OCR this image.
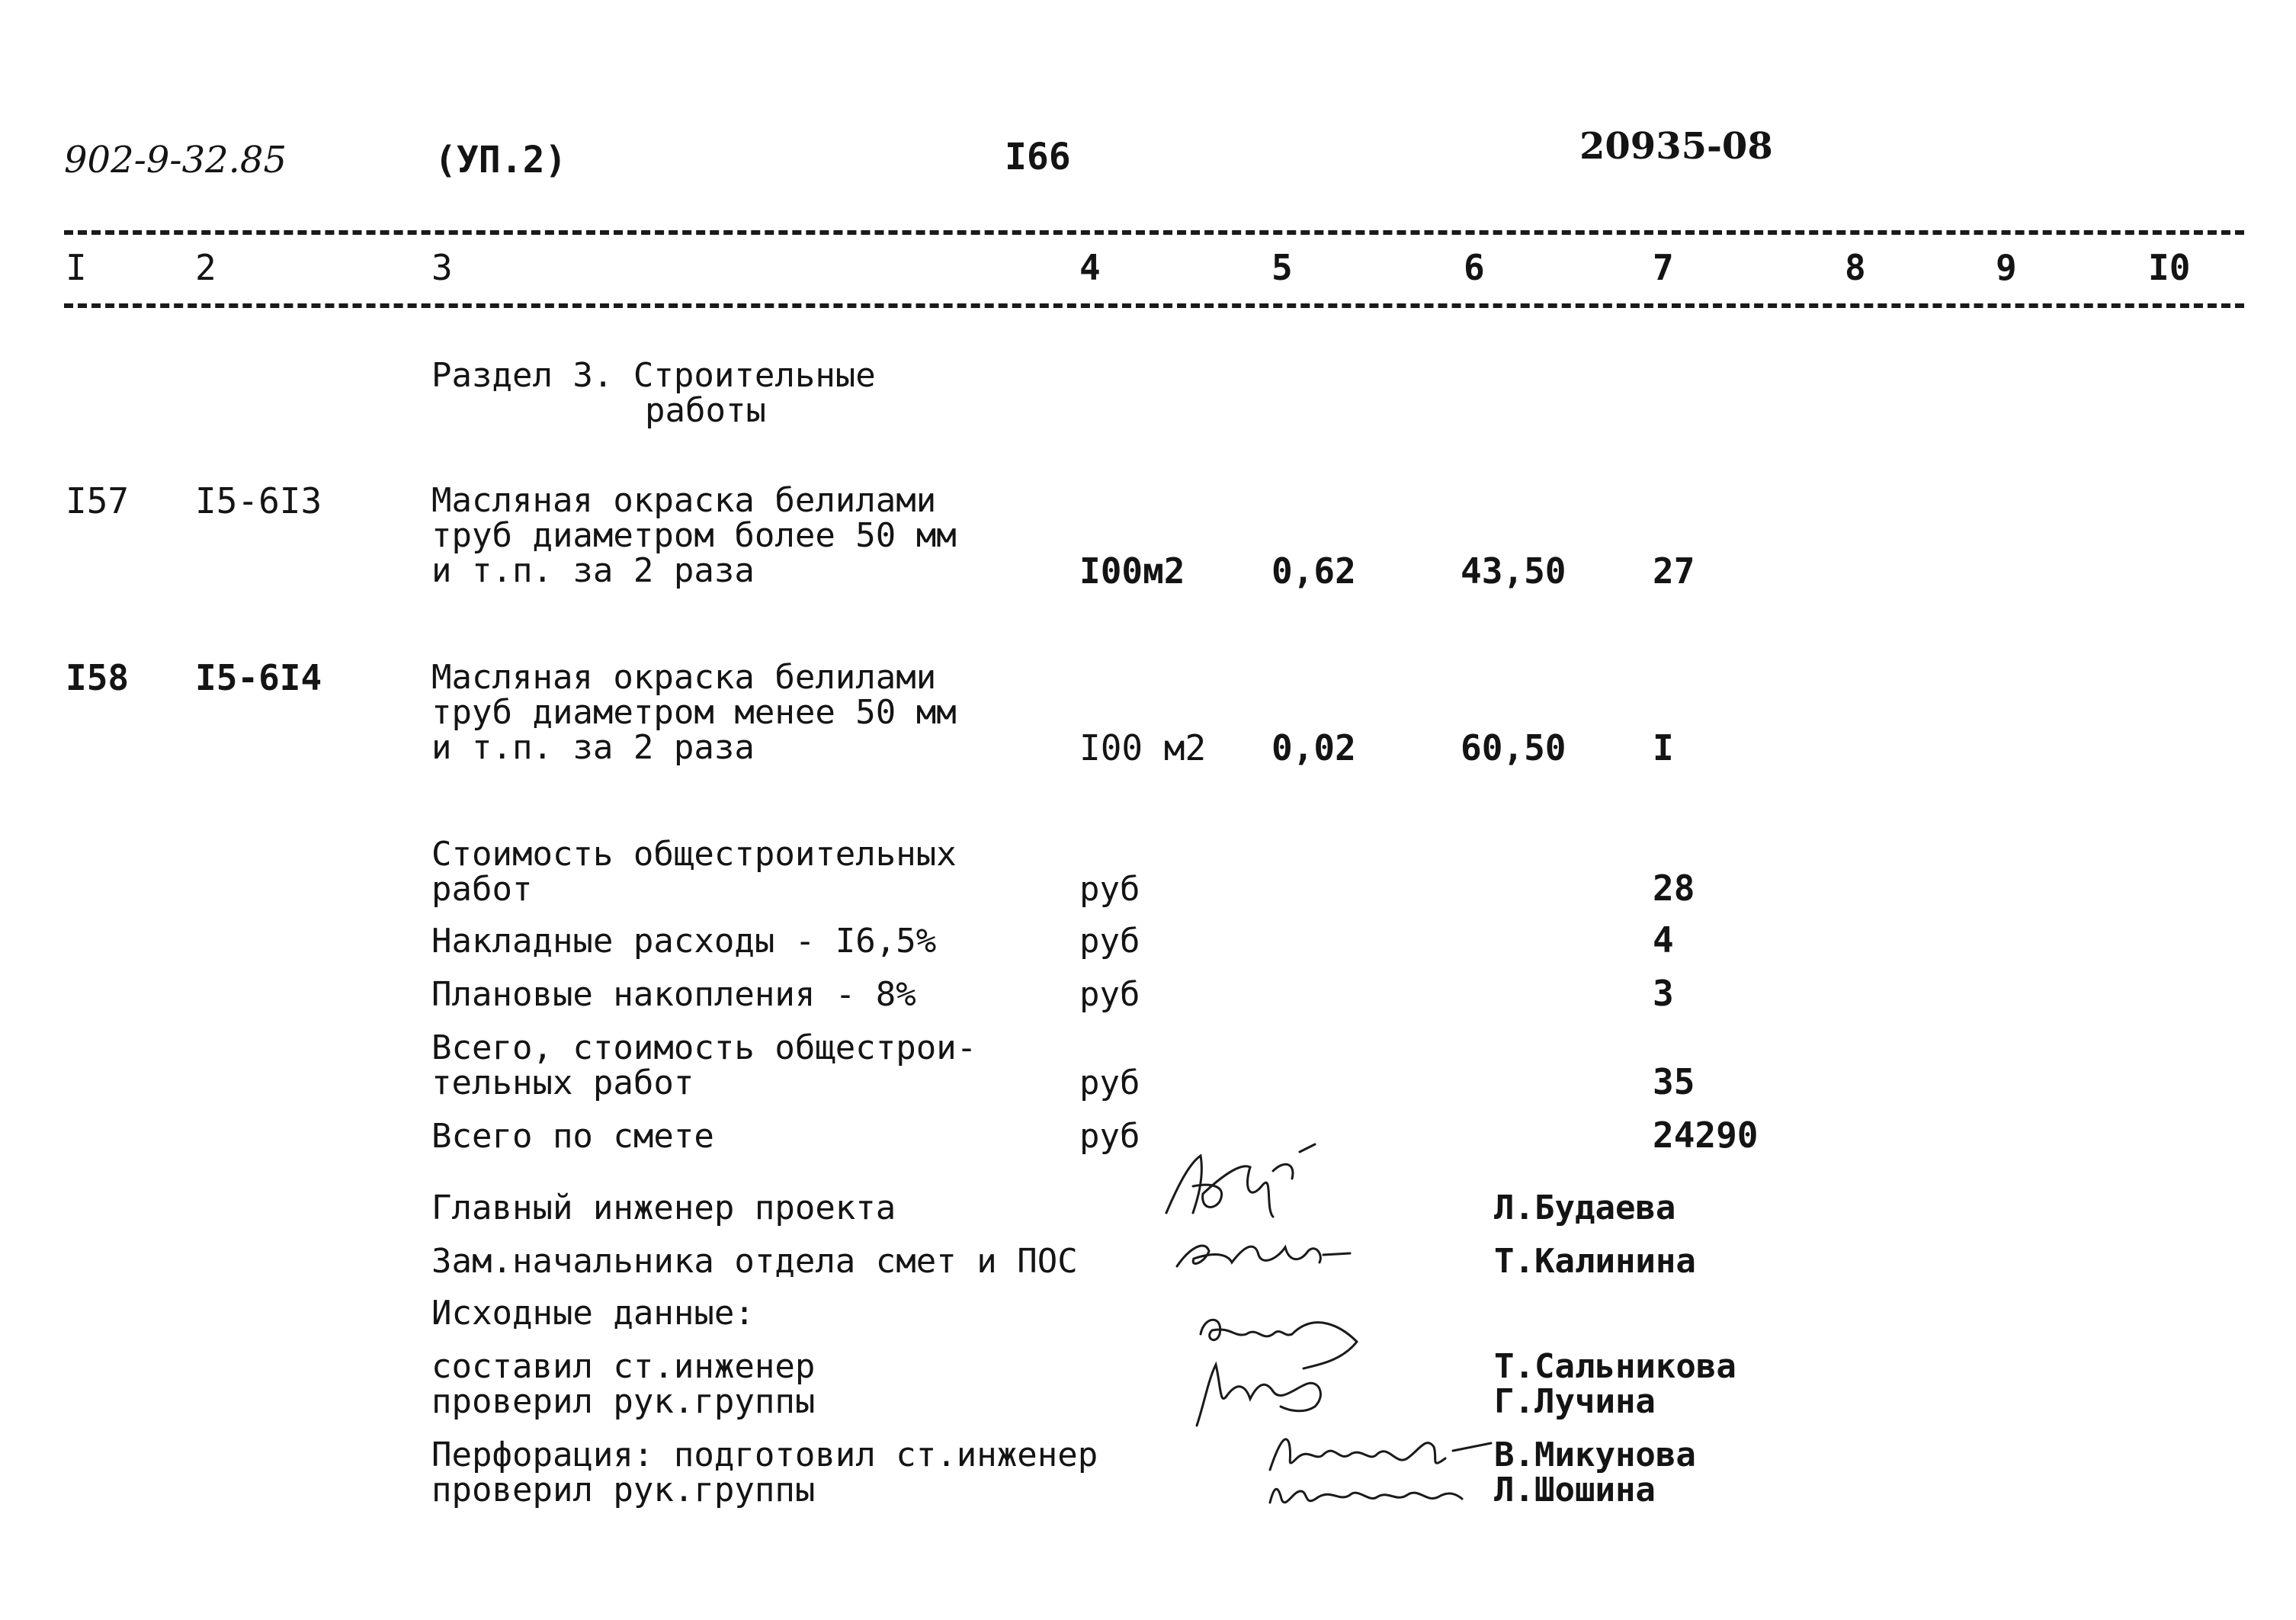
902-9-32.85	(УП.2)	I66	20935-08
I	2	3	4	5	6	7	8	9	I0
Раздел 3. Строительные
работы
I57 I5-6I3	Масляная окраска белилами
труб диаметром более 50 мм
и т.п. за 2 раза	I00м2 0,62	43,50 27
I58 I5-6I4	Масляная окраска белилами
труб диаметром менее 50 мм
и т.п. за 2 раза	I00 м2 0,02	60,50 I
Стоимость общестроительных
работ	руб	28
Накладные расходы - I6,5%	руб	4
Плановые накопления - 8%	руб	3
Всего, стоимость общестрои-
тельных работ	руб	35
Всего по смете	руб	24290
Главный инженер проекта	Л.Будаева
Зам.начальника отдела смет и ПОС	Т.Калинина
Исходные данные:
составил ст.инженер	Т.Сальникова
проверил рук.группы	Г.Лучина
Перфорация: подготовил ст.инженер	В.Микунова
проверил рук.группы	Л.Шошина
